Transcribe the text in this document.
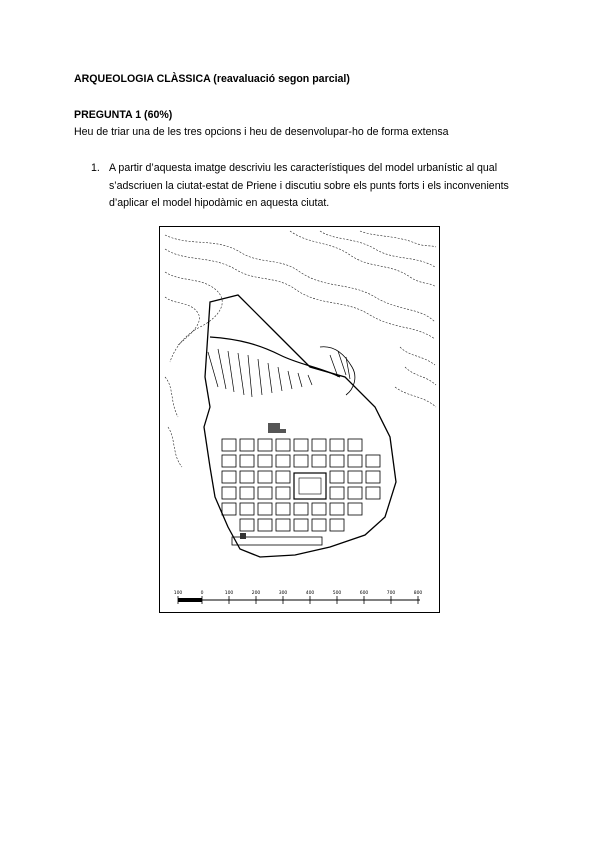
ARQUEOLOGIA CLÀSSICA (reavaluació segon parcial)
PREGUNTA 1 (60%)
Heu de triar una de les tres opcions i heu de desenvolupar-ho de forma extensa
1. A partir d’aquesta imatge descriviu les característiques del model urbanístic al qual
s’adscriuen la ciutat-estat de Priene i discutiu sobre els punts forts i els inconvenients
d’aplicar el model hipodàmic en aquesta ciutat.
100	0	100	200	300	400	500	600	700	800
